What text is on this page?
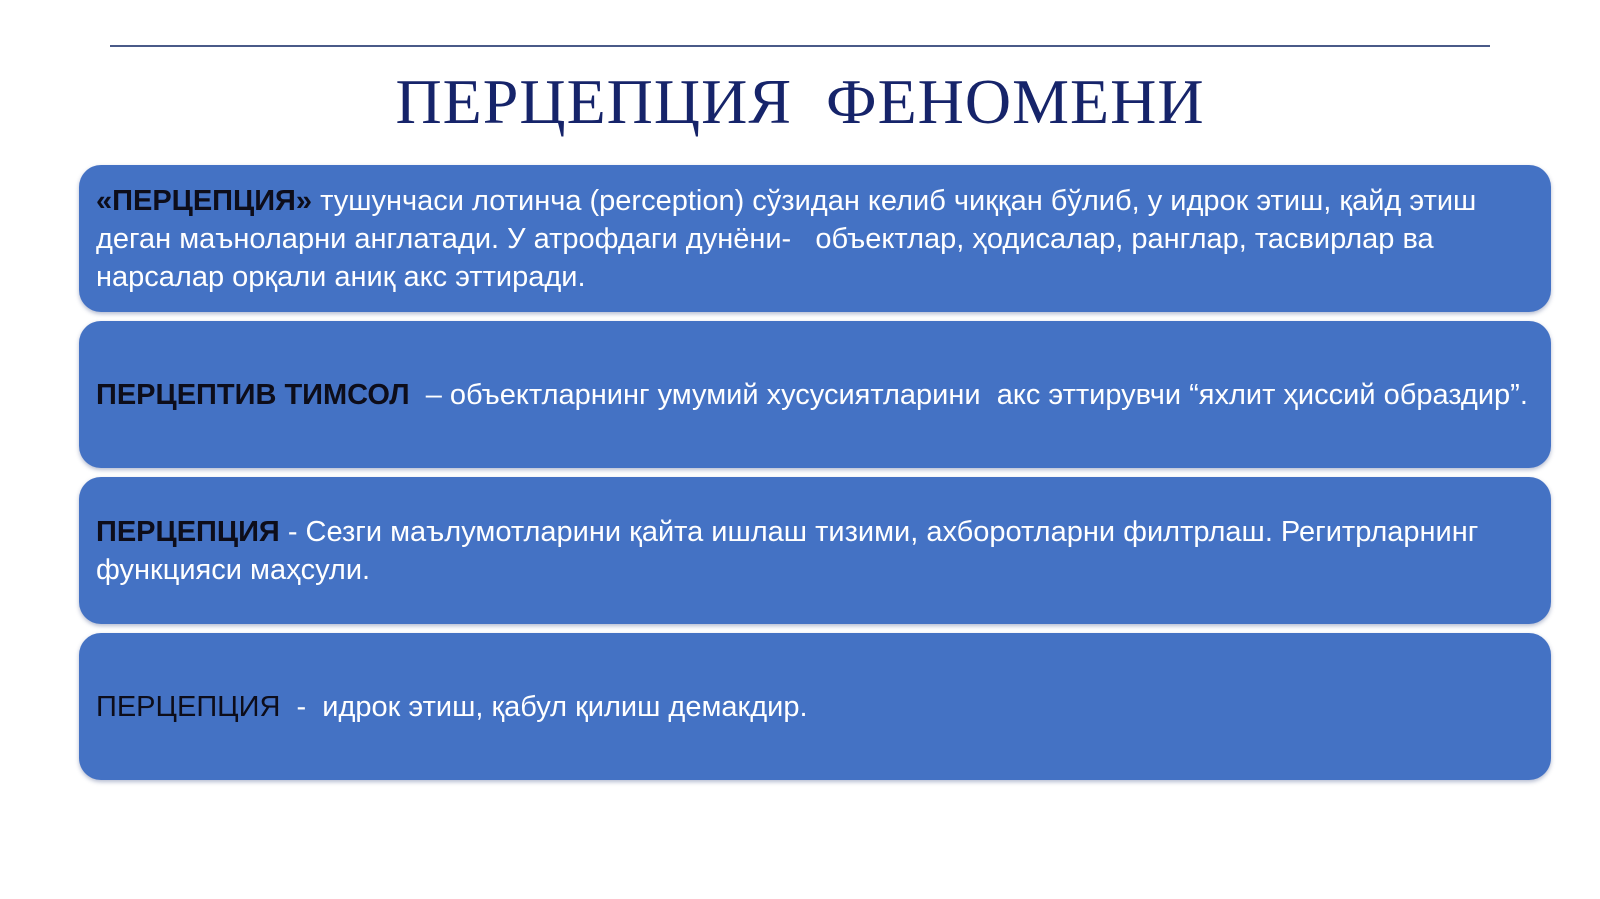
ПЕРЦЕПЦИЯ  ФЕНОМЕНИ

«ПЕРЦЕПЦИЯ» тушунчаси лотинча (perception) сўзидан келиб чиққан бўлиб, у идрок этиш, қайд этиш деган маъноларни англатади. У атрофдаги дунёни-   объектлар, ҳодисалар, ранглар, тасвирлар ва  нарсалар орқали аниқ акс эттиради.

ПЕРЦЕПТИВ ТИМСОЛ  – объектларнинг умумий хусусиятларини  акс эттирувчи “яхлит ҳиссий образдир”.

ПЕРЦЕПЦИЯ - Сезги маълумотларини қайта ишлаш тизими, ахборотларни филтрлаш. Регитрларнинг функцияси маҳсули.

ПЕРЦЕПЦИЯ  -  идрок этиш, қабул қилиш демакдир.
